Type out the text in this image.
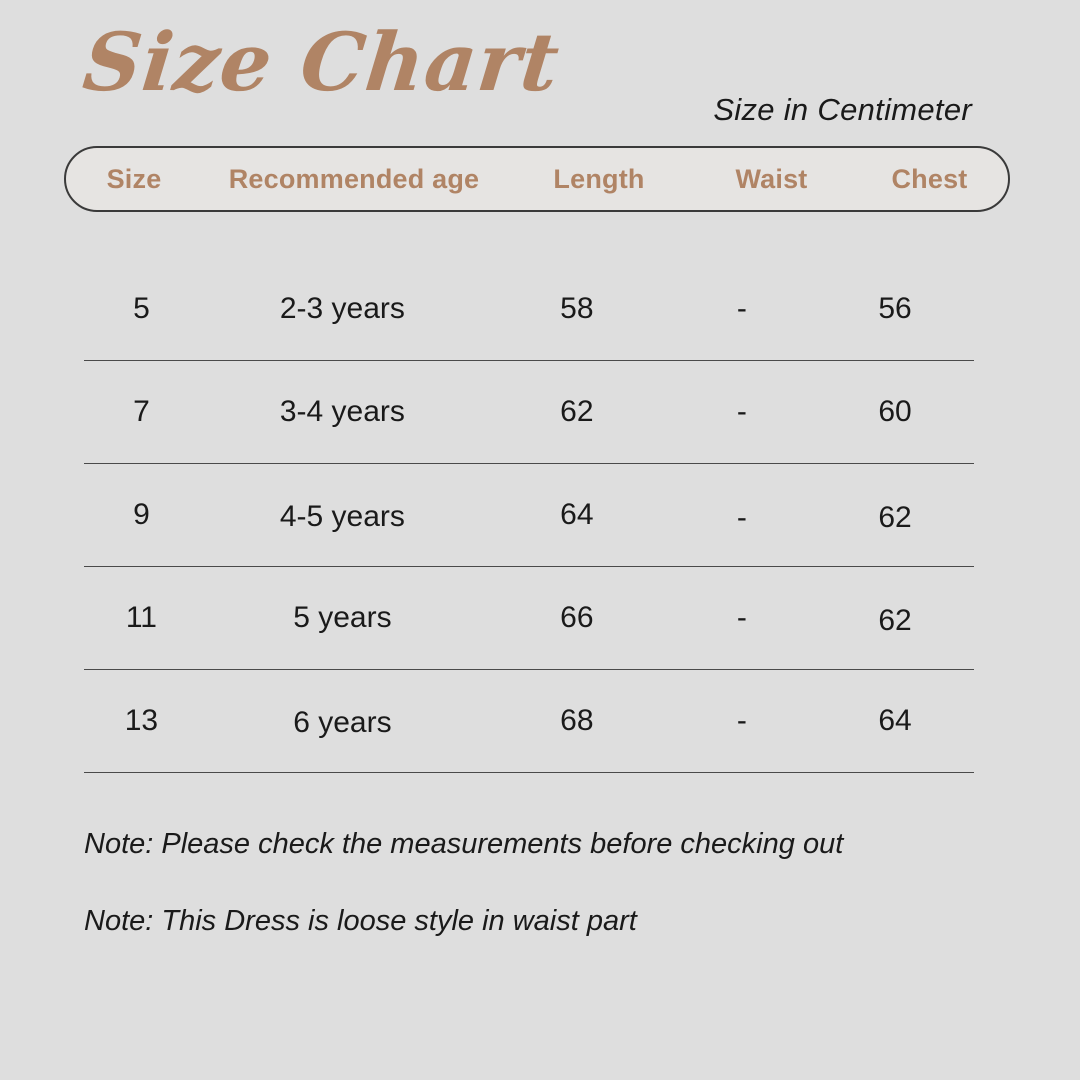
Size Chart
Size in Centimeter
Size	Recommended age	Length	Waist	Chest
5	2-3 years	58	-	56
7	3-4 years	62	-	60
9	4-5 years	64	-	62
11	5 years	66	-	62
13	6 years	68	-	64
Note: Please check the measurements before checking out
Note: This Dress is loose style in waist part
